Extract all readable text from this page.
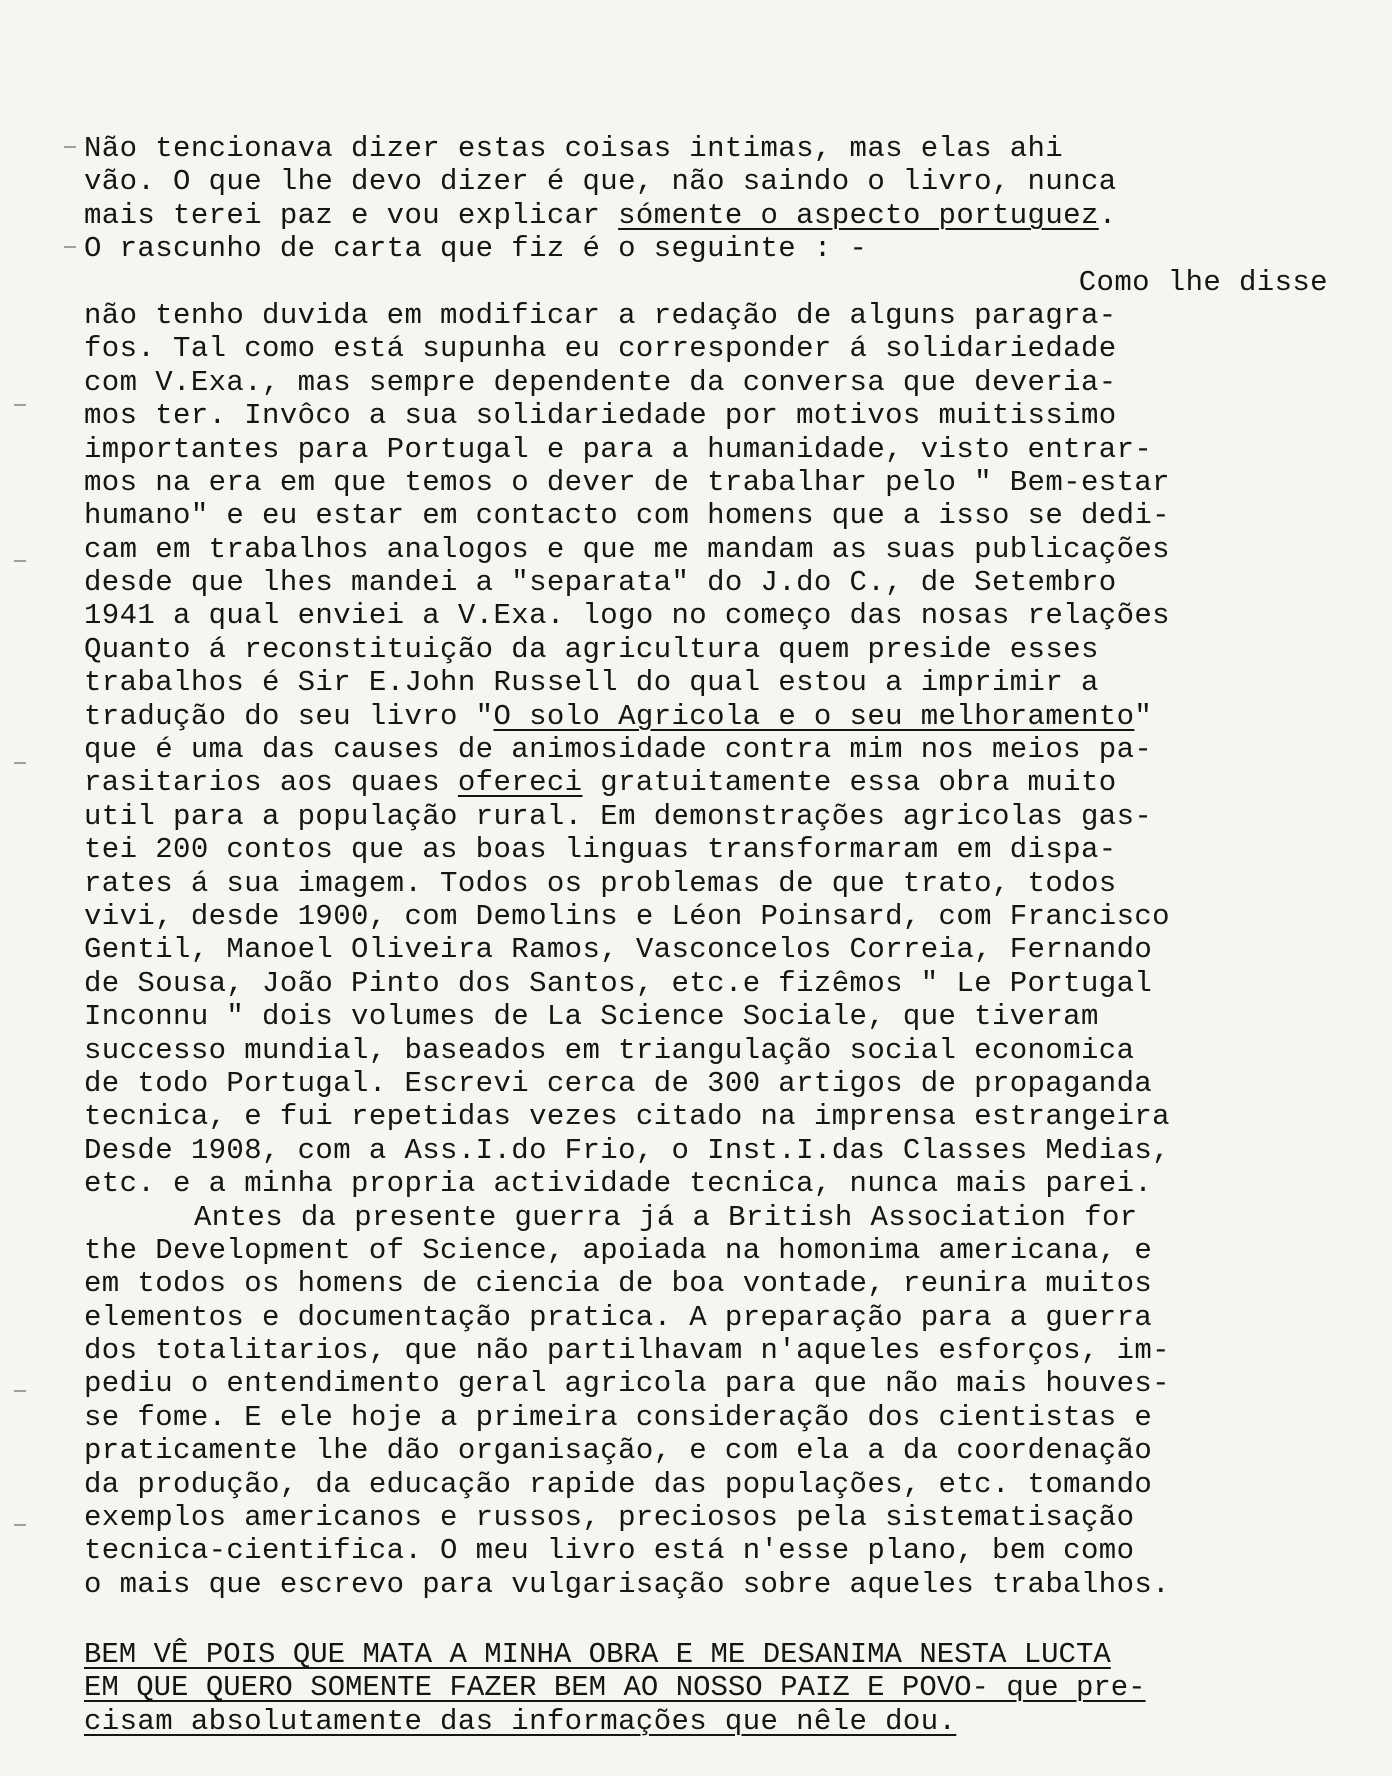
Não tencionava dizer estas coisas intimas, mas elas ahi
vão. O que lhe devo dizer é que, não saindo o livro, nunca
mais terei paz e vou explicar sómente o aspecto portuguez.
O rascunho de carta que fiz é o seguinte : -
Como lhe disse
não tenho duvida em modificar a redação de alguns paragra-
fos. Tal como está supunha eu corresponder á solidariedade
com V.Exa., mas sempre dependente da conversa que deveria-
mos ter. Invôco a sua solidariedade por motivos muitissimo
importantes para Portugal e para a humanidade, visto entrar-
mos na era em que temos o dever de trabalhar pelo " Bem-estar
humano" e eu estar em contacto com homens que a isso se dedi-
cam em trabalhos analogos e que me mandam as suas publicações
desde que lhes mandei a "separata" do J.do C., de Setembro
1941 a qual enviei a V.Exa. logo no começo das nosas relações
Quanto á reconstituição da agricultura quem preside esses
trabalhos é Sir E.John Russell do qual estou a imprimir a
tradução do seu livro "O solo Agricola e o seu melhoramento"
que é uma das causes de animosidade contra mim nos meios pa-
rasitarios aos quaes ofereci gratuitamente essa obra muito
util para a população rural. Em demonstrações agricolas gas-
tei 200 contos que as boas linguas transformaram em dispa-
rates á sua imagem. Todos os problemas de que trato, todos
vivi, desde 1900, com Demolins e Léon Poinsard, com Francisco
Gentil, Manoel Oliveira Ramos, Vasconcelos Correia, Fernando
de Sousa, João Pinto dos Santos, etc.e fizêmos " Le Portugal
Inconnu " dois volumes de La Science Sociale, que tiveram
successo mundial, baseados em triangulação social economica
de todo Portugal. Escrevi cerca de 300 artigos de propaganda
tecnica, e fui repetidas vezes citado na imprensa estrangeira
Desde 1908, com a Ass.I.do Frio, o Inst.I.das Classes Medias,
etc. e a minha propria actividade tecnica, nunca mais parei.
Antes da presente guerra já a British Association for
the Development of Science, apoiada na homonima americana, e
em todos os homens de ciencia de boa vontade, reunira muitos
elementos e documentação pratica. A preparação para a guerra
dos totalitarios, que não partilhavam n'aqueles esforços, im-
pediu o entendimento geral agricola para que não mais houves-
se fome. E ele hoje a primeira consideração dos cientistas e
praticamente lhe dão organisação, e com ela a da coordenação
da produção, da educação rapide das populações, etc. tomando
exemplos americanos e russos, preciosos pela sistematisação
tecnica-cientifica. O meu livro está n'esse plano, bem como
o mais que escrevo para vulgarisação sobre aqueles trabalhos.
BEM VÊ POIS QUE MATA A MINHA OBRA E ME DESANIMA NESTA LUCTA
EM QUE QUERO SOMENTE FAZER BEM AO NOSSO PAIZ E POVO- que pre-
cisam absolutamente das informações que nêle dou.
